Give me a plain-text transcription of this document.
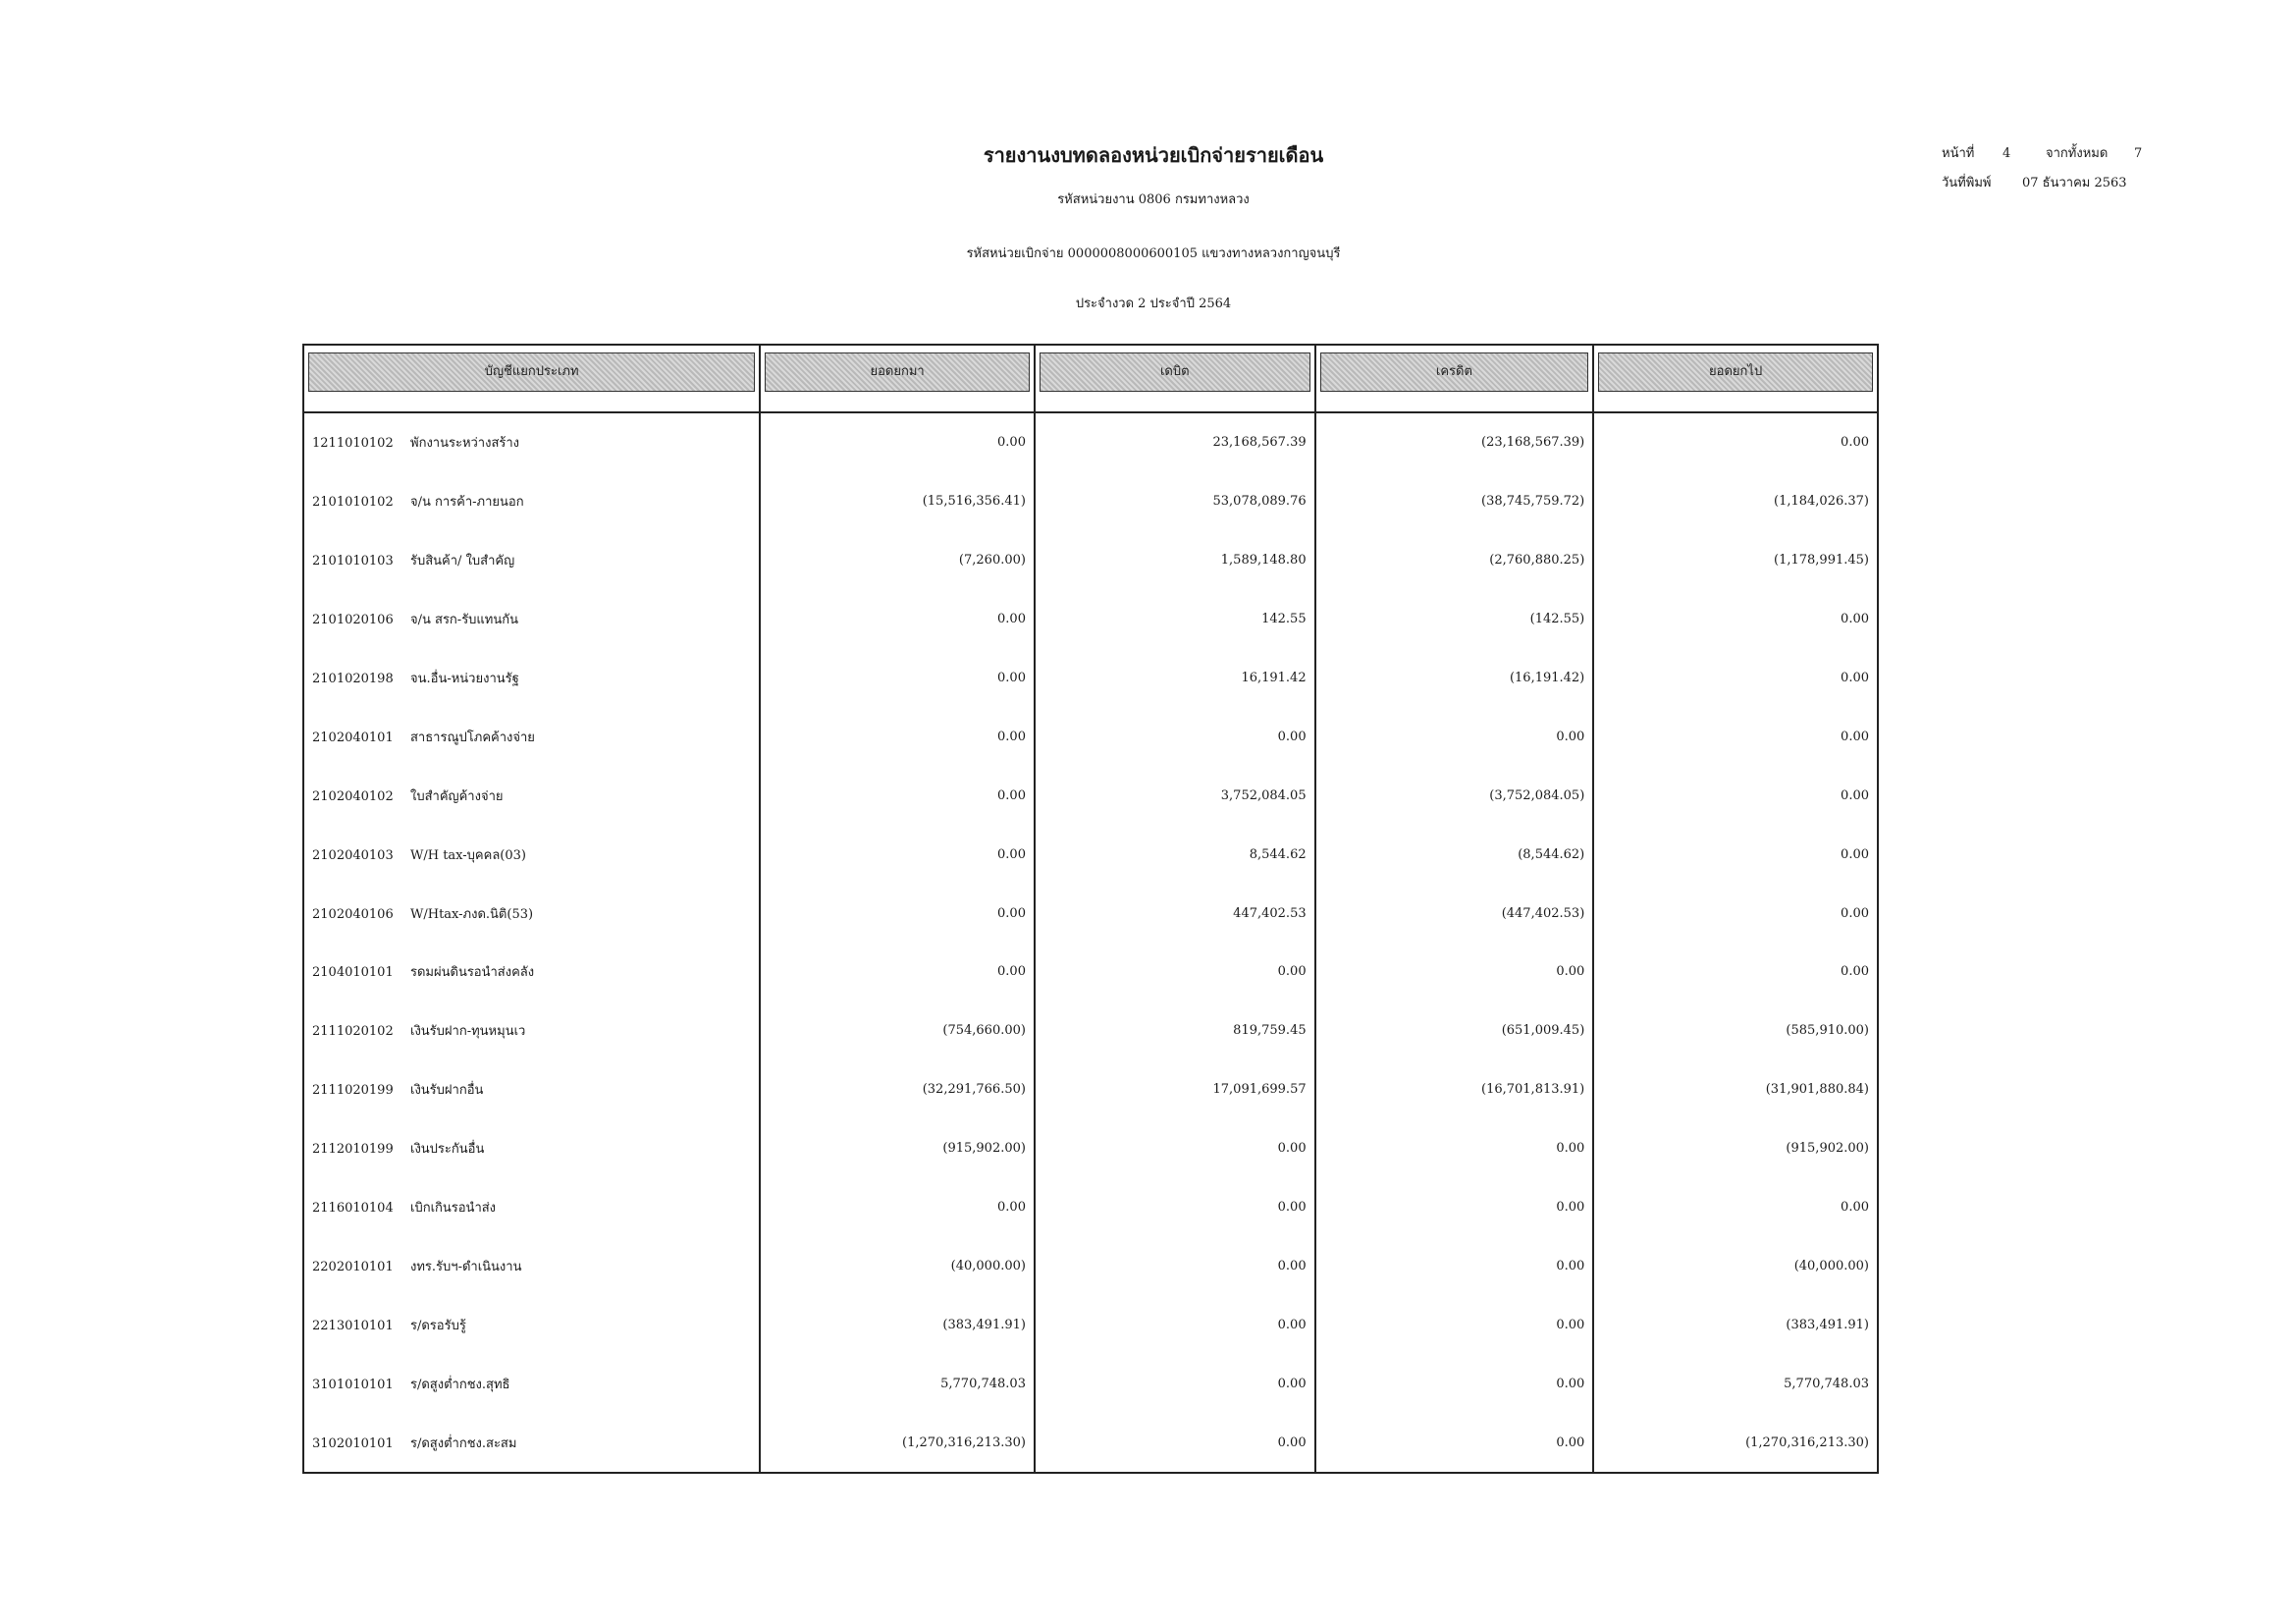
รายงานงบทดลองหน่วยเบิกจ่ายรายเดือน
รหัสหน่วยงาน 0806 กรมทางหลวง
รหัสหน่วยเบิกจ่าย 0000008000600105 แขวงทางหลวงกาญจนบุรี
ประจำงวด 2 ประจำปี 2564
หน้าที่	4	จากทั้งหมด	7
วันที่พิมพ์	07 ธันวาคม 2563
บัญชีแยกประเภท	ยอดยกมา	เดบิต	เครดิต	ยอดยกไป

1211010102 พักงานระหว่างสร้าง	0.00	23,168,567.39	(23,168,567.39)	0.00
2101010102 จ/น การค้า-ภายนอก	(15,516,356.41)	53,078,089.76	(38,745,759.72)	(1,184,026.37)
2101010103 รับสินค้า/ ใบสำคัญ	(7,260.00)	1,589,148.80	(2,760,880.25)	(1,178,991.45)
2101020106 จ/น สรก-รับแทนกัน	0.00	142.55	(142.55)	0.00
2101020198 จน.อื่น-หน่วยงานรัฐ	0.00	16,191.42	(16,191.42)	0.00
2102040101 สาธารณูปโภคค้างจ่าย	0.00	0.00	0.00	0.00
2102040102 ใบสำคัญค้างจ่าย	0.00	3,752,084.05	(3,752,084.05)	0.00
2102040103 W/H tax-บุคคล(03)	0.00	8,544.62	(8,544.62)	0.00
2102040106 W/Htax-ภงด.นิติ(53)	0.00	447,402.53	(447,402.53)	0.00
2104010101 รดมผ่นดินรอนำส่งคลัง	0.00	0.00	0.00	0.00
2111020102 เงินรับฝาก-ทุนหมุนเว	(754,660.00)	819,759.45	(651,009.45)	(585,910.00)
2111020199 เงินรับฝากอื่น	(32,291,766.50)	17,091,699.57	(16,701,813.91)	(31,901,880.84)
2112010199 เงินประกันอื่น	(915,902.00)	0.00	0.00	(915,902.00)
2116010104 เบิกเกินรอนำส่ง	0.00	0.00	0.00	0.00
2202010101 งทร.รับฯ-ดำเนินงาน	(40,000.00)	0.00	0.00	(40,000.00)
2213010101 ร/ดรอรับรู้	(383,491.91)	0.00	0.00	(383,491.91)
3101010101 ร/ดสูงต่ำกชง.สุทธิ	5,770,748.03	0.00	0.00	5,770,748.03
3102010101 ร/ดสูงต่ำกชง.สะสม	(1,270,316,213.30)	0.00	0.00	(1,270,316,213.30)
